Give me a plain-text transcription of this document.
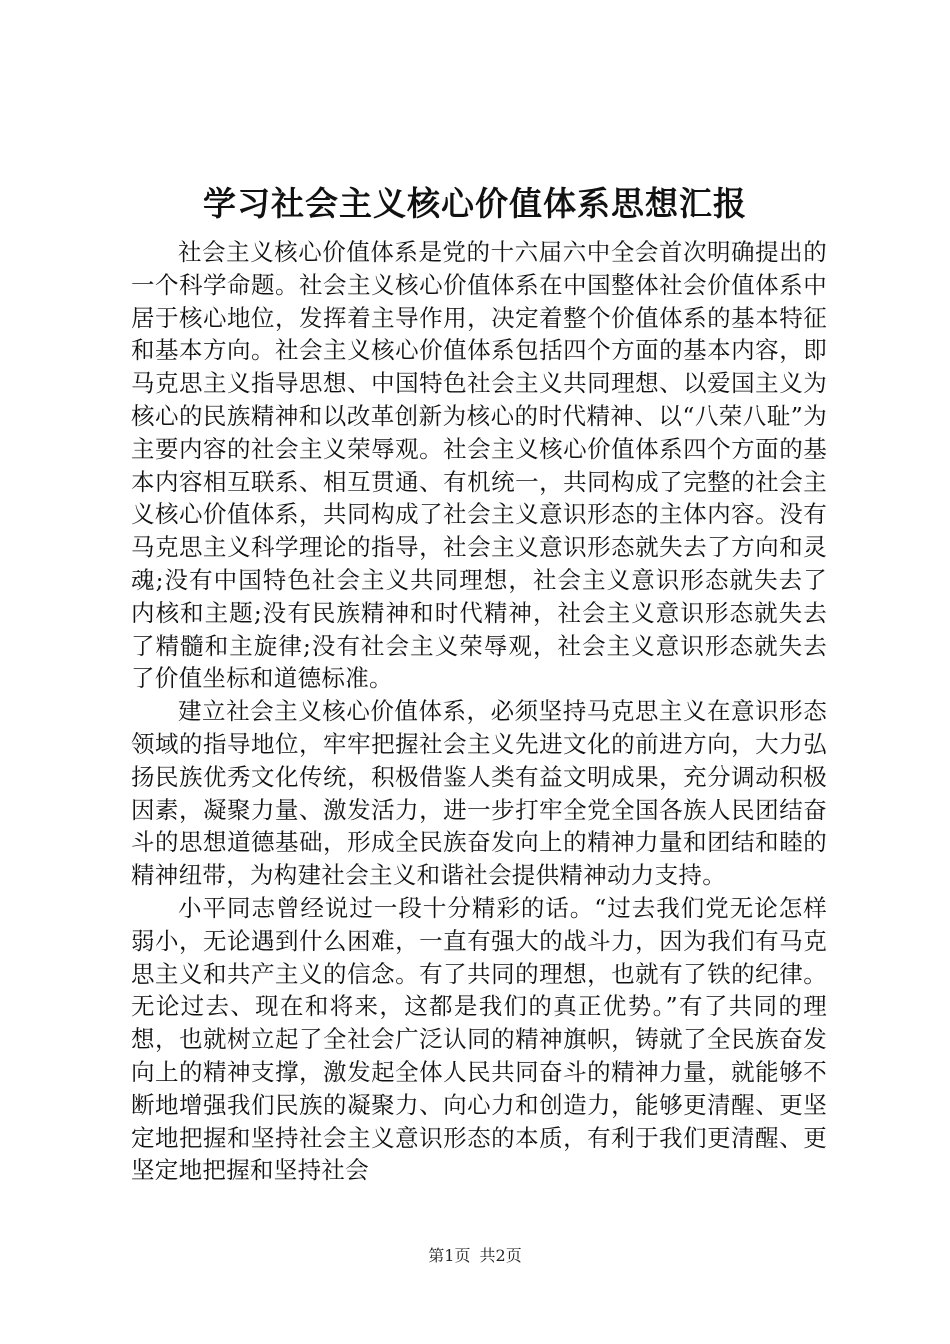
学习社会主义核心价值体系思想汇报

社会主义核心价值体系是党的十六届六中全会首次明确提出的一个科学命题。社会主义核心价值体系在中国整体社会价值体系中居于核心地位，发挥着主导作用，决定着整个价值体系的基本特征和基本方向。社会主义核心价值体系包括四个方面的基本内容，即马克思主义指导思想、中国特色社会主义共同理想、以爱国主义为核心的民族精神和以改革创新为核心的时代精神、以“八荣八耻”为主要内容的社会主义荣辱观。社会主义核心价值体系四个方面的基本内容相互联系、相互贯通、有机统一，共同构成了完整的社会主义核心价值体系，共同构成了社会主义意识形态的主体内容。没有马克思主义科学理论的指导，社会主义意识形态就失去了方向和灵魂;没有中国特色社会主义共同理想，社会主义意识形态就失去了内核和主题;没有民族精神和时代精神，社会主义意识形态就失去了精髓和主旋律;没有社会主义荣辱观，社会主义意识形态就失去了价值坐标和道德标准。

建立社会主义核心价值体系，必须坚持马克思主义在意识形态领域的指导地位，牢牢把握社会主义先进文化的前进方向，大力弘扬民族优秀文化传统，积极借鉴人类有益文明成果，充分调动积极因素，凝聚力量、激发活力，进一步打牢全党全国各族人民团结奋斗的思想道德基础，形成全民族奋发向上的精神力量和团结和睦的精神纽带，为构建社会主义和谐社会提供精神动力支持。

小平同志曾经说过一段十分精彩的话。“过去我们党无论怎样弱小，无论遇到什么困难，一直有强大的战斗力，因为我们有马克思主义和共产主义的信念。有了共同的理想，也就有了铁的纪律。无论过去、现在和将来，这都是我们的真正优势。”有了共同的理想，也就树立起了全社会广泛认同的精神旗帜，铸就了全民族奋发向上的精神支撑，激发起全体人民共同奋斗的精神力量，就能够不断地增强我们民族的凝聚力、向心力和创造力，能够更清醒、更坚定地把握和坚持社会主义意识形态的本质，有利于我们更清醒、更坚定地把握和坚持社会

第1页 共2页
